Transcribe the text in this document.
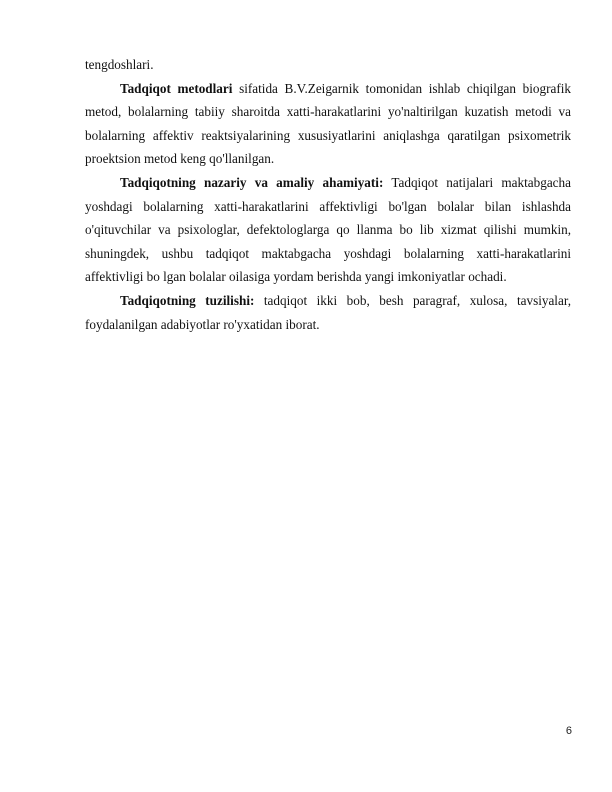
tengdoshlari.

Tadqiqot metodlari sifatida B.V.Zeigarnik tomonidan ishlab chiqilgan biografik metod, bolalarning tabiiy sharoitda xatti-harakatlarini yo'naltirilgan kuzatish metodi va bolalarning affektiv reaktsiyalarining xususiyatlarini aniqlashga qaratilgan psixometrik proektsion metod keng qo'llanilgan.

Tadqiqotning nazariy va amaliy ahamiyati: Tadqiqot natijalari maktabgacha yoshdagi bolalarning xatti-harakatlarini affektivligi bo'lgan bolalar bilan ishlashda o'qituvchilar va psixologlar, defektologlarga qo llanma bo lib xizmat qilishi mumkin, shuningdek, ushbu tadqiqot maktabgacha yoshdagi bolalarning xatti-harakatlarini affektivligi bo lgan bolalar oilasiga yordam berishda yangi imkoniyatlar ochadi.

Tadqiqotning tuzilishi: tadqiqot ikki bob, besh paragraf, xulosa, tavsiyalar, foydalanilgan adabiyotlar ro'yxatidan iborat.

6
